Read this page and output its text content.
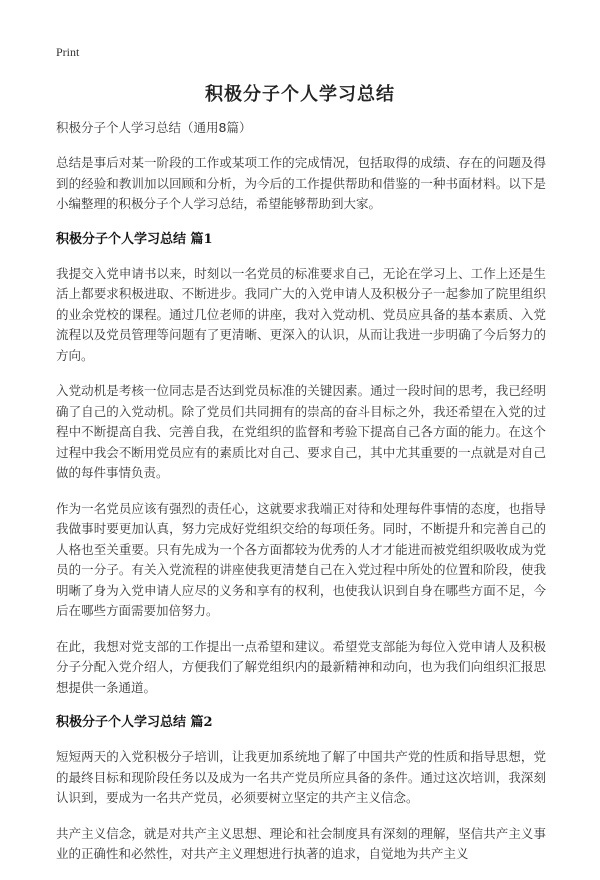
Print
积极分子个人学习总结
积极分子个人学习总结（通用8篇）

总结是事后对某一阶段的工作或某项工作的完成情况，包括取得的成绩、存在的问题及得到的经验和教训加以回顾和分析，为今后的工作提供帮助和借鉴的一种书面材料。以下是小编整理的积极分子个人学习总结，希望能够帮助到大家。

积极分子个人学习总结 篇1

我提交入党申请书以来，时刻以一名党员的标准要求自己，无论在学习上、工作上还是生活上都要求积极进取、不断进步。我同广大的入党申请人及积极分子一起参加了院里组织的业余党校的课程。通过几位老师的讲座，我对入党动机、党员应具备的基本素质、入党流程以及党员管理等问题有了更清晰、更深入的认识，从而让我进一步明确了今后努力的方向。

入党动机是考核一位同志是否达到党员标准的关键因素。通过一段时间的思考，我已经明确了自己的入党动机。除了党员们共同拥有的崇高的奋斗目标之外，我还希望在入党的过程中不断提高自我、完善自我，在党组织的监督和考验下提高自己各方面的能力。在这个过程中我会不断用党员应有的素质比对自己、要求自己，其中尤其重要的一点就是对自己做的每件事情负责。

作为一名党员应该有强烈的责任心，这就要求我端正对待和处理每件事情的态度，也指导我做事时要更加认真，努力完成好党组织交给的每项任务。同时，不断提升和完善自己的人格也至关重要。只有先成为一个各方面都较为优秀的人才才能进而被党组织吸收成为党员的一分子。有关入党流程的讲座使我更清楚自己在入党过程中所处的位置和阶段，使我明晰了身为入党申请人应尽的义务和享有的权利，也使我认识到自身在哪些方面不足，今后在哪些方面需要加倍努力。

在此，我想对党支部的工作提出一点希望和建议。希望党支部能为每位入党申请人及积极分子分配入党介绍人，方便我们了解党组织内的最新精神和动向，也为我们向组织汇报思想提供一条通道。

积极分子个人学习总结 篇2

短短两天的入党积极分子培训，让我更加系统地了解了中国共产党的性质和指导思想，党的最终目标和现阶段任务以及成为一名共产党员所应具备的条件。通过这次培训，我深刻认识到，要成为一名共产党员，必须要树立坚定的共产主义信念。

共产主义信念，就是对共产主义思想、理论和社会制度具有深刻的理解，坚信共产主义事业的正确性和必然性，对共产主义理想进行执著的追求，自觉地为共产主义
